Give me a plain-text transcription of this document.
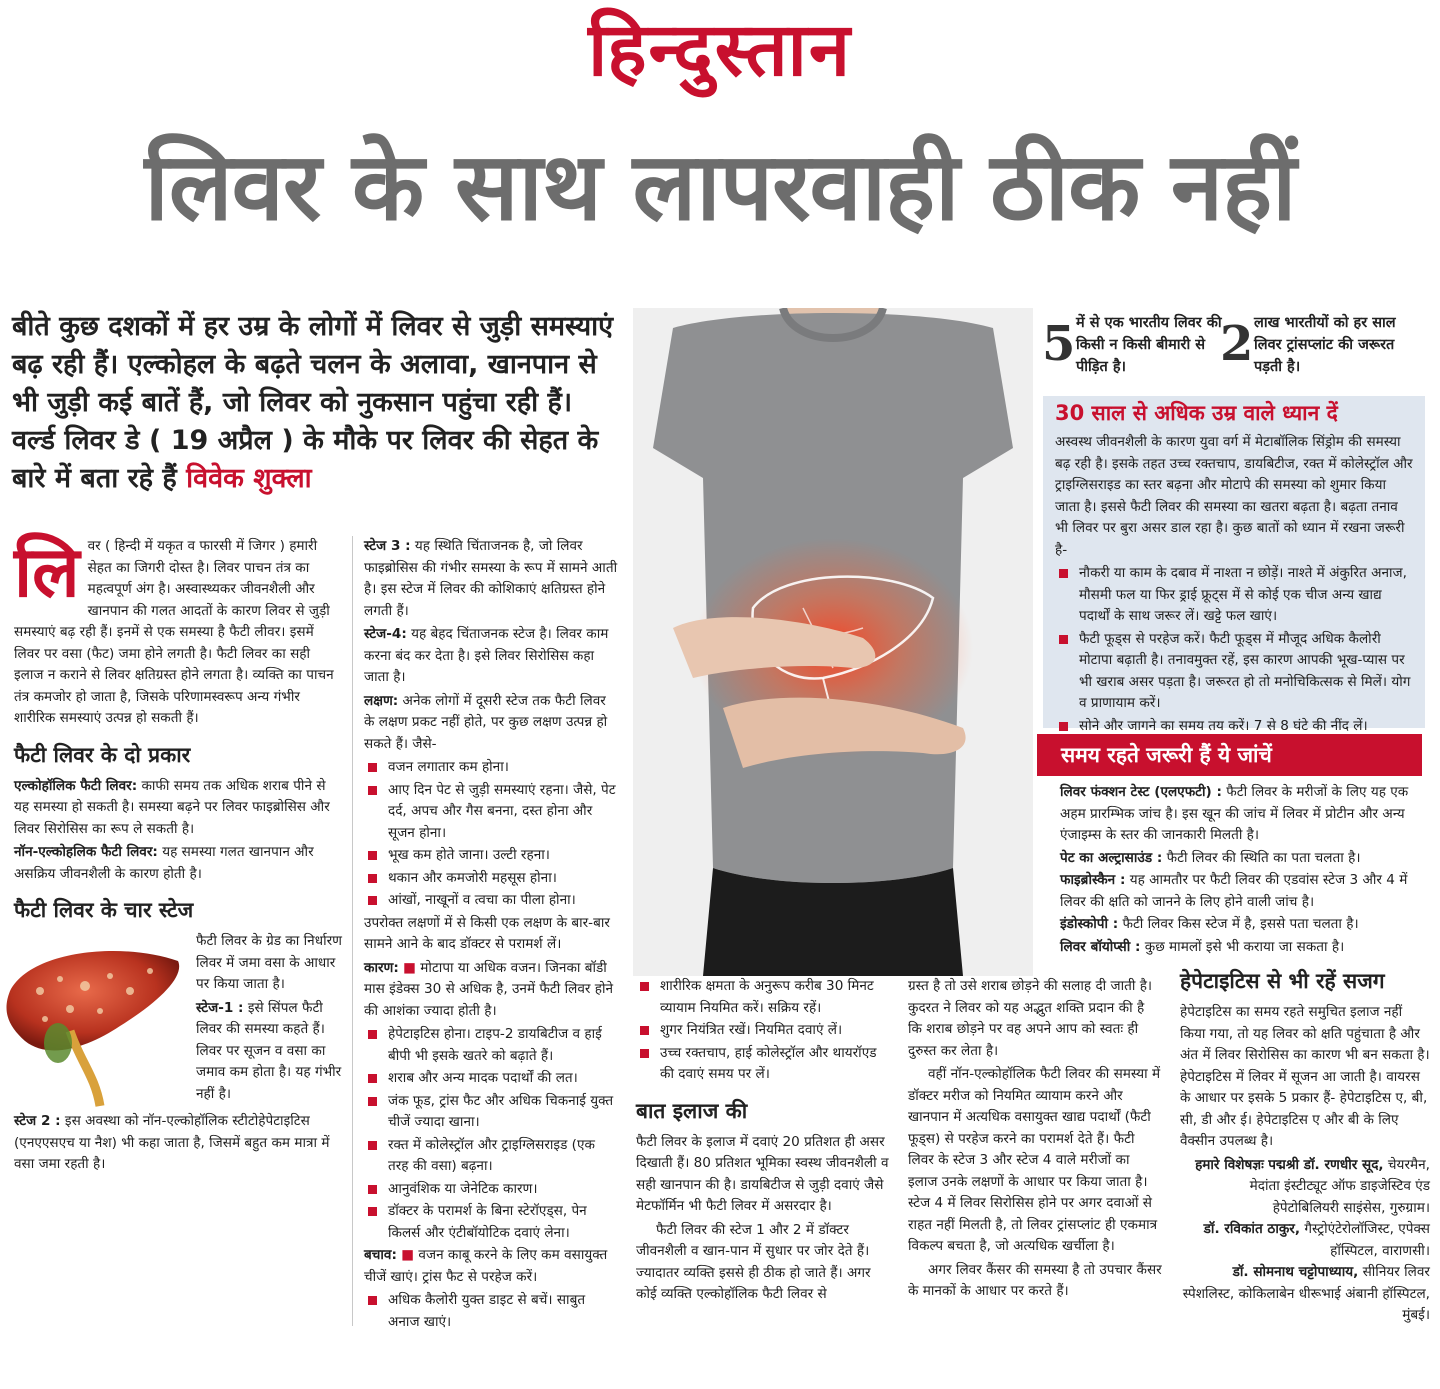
हिन्दुस्तान
लिवर के साथ लापरवाही ठीक नहीं
बीते कुछ दशकों में हर उम्र के लोगों में लिवर से जुड़ी समस्याएं बढ़ रही हैं। एल्कोहल के बढ़ते चलन के अलावा, खानपान से भी जुड़ी कई बातें हैं, जो लिवर को नुकसान पहुंचा रही हैं। वर्ल्ड लिवर डे ( 19 अप्रैल ) के मौके पर लिवर की सेहत के बारे में बता रहे हैं विवेक शुक्ला

लि वर ( हिन्दी में यकृत व फारसी में जिगर ) हमारी सेहत का जिगरी दोस्त है। लिवर पाचन तंत्र का महत्वपूर्ण अंग है। अस्वास्थ्यकर जीवनशैली और खानपान की गलत आदतों के कारण लिवर से जुड़ी समस्याएं बढ़ रही हैं। इनमें से एक समस्या है फैटी लीवर। इसमें लिवर पर वसा (फैट) जमा होने लगती है। फैटी लिवर का सही इलाज न कराने से लिवर क्षतिग्रस्त होने लगता है। व्यक्ति का पाचन तंत्र कमजोर हो जाता है, जिसके परिणामस्वरूप अन्य गंभीर शारीरिक समस्याएं उत्पन्न हो सकती हैं।

फैटी लिवर के दो प्रकार

एल्कोहॉलिक फैटी लिवर: काफी समय तक अधिक शराब पीने से यह समस्या हो सकती है। समस्या बढ़ने पर लिवर फाइब्रोसिस और लिवर सिरोसिस का रूप ले सकती है।

नॉन-एल्कोहलिक फैटी लिवर: यह समस्या गलत खानपान और असक्रिय जीवनशैली के कारण होती है।

फैटी लिवर के चार स्टेज

फैटी लिवर के ग्रेड का निर्धारण लिवर में जमा वसा के आधार पर किया जाता है।

स्टेज-1 : इसे सिंपल फैटी लिवर की समस्या कहते हैं। लिवर पर सूजन व वसा का जमाव कम होता है। यह गंभीर नहीं है।

स्टेज 2 : इस अवस्था को नॉन-एल्कोहॉलिक स्टीटोहेपेटाइटिस (एनएएसएच या नैश) भी कहा जाता है, जिसमें बहुत कम मात्रा में वसा जमा रहती है।

स्टेज 3 : यह स्थिति चिंताजनक है, जो लिवर फाइब्रोसिस की गंभीर समस्या के रूप में सामने आती है। इस स्टेज में लिवर की कोशिकाएं क्षतिग्रस्त होने लगती हैं।

स्टेज-4: यह बेहद चिंताजनक स्टेज है। लिवर काम करना बंद कर देता है। इसे लिवर सिरोसिस कहा जाता है।

लक्षण: अनेक लोगों में दूसरी स्टेज तक फैटी लिवर के लक्षण प्रकट नहीं होते, पर कुछ लक्षण उत्पन्न हो सकते हैं। जैसे-

वजन लगातार कम होना।
आए दिन पेट से जुड़ी समस्याएं रहना। जैसे, पेट दर्द, अपच और गैस बनना, दस्त होना और सूजन होना।
भूख कम होते जाना। उल्टी रहना।
थकान और कमजोरी महसूस होना।
आंखों, नाखूनों व त्वचा का पीला होना।

उपरोक्त लक्षणों में से किसी एक लक्षण के बार-बार सामने आने के बाद डॉक्टर से परामर्श लें।

कारण: ■ मोटापा या अधिक वजन। जिनका बॉडी मास इंडेक्स 30 से अधिक है, उनमें फैटी लिवर होने की आशंका ज्यादा होती है।

हेपेटाइटिस होना। टाइप-2 डायबिटीज व हाई बीपी भी इसके खतरे को बढ़ाते हैं।
शराब और अन्य मादक पदार्थों की लत।
जंक फूड, ट्रांस फैट और अधिक चिकनाई युक्त चीजें ज्यादा खाना।
रक्त में कोलेस्ट्रॉल और ट्राइग्लिसराइड (एक तरह की वसा) बढ़ना।
आनुवंशिक या जेनेटिक कारण।
डॉक्टर के परामर्श के बिना स्टेरॉएड्स, पेन किलर्स और एंटीबॉयोटिक दवाएं लेना।

बचाव: ■ वजन काबू करने के लिए कम वसायुक्त चीजें खाएं। ट्रांस फैट से परहेज करें।

अधिक कैलोरी युक्त डाइट से बचें। साबुत अनाज खाएं।
5 में से एक भारतीय लिवर की किसी न किसी बीमारी से पीड़ित है।	2 लाख भारतीयों को हर साल लिवर ट्रांसप्लांट की जरूरत पड़ती है।
30 साल से अधिक उम्र वाले ध्यान दें

अस्वस्थ जीवनशैली के कारण युवा वर्ग में मेटाबॉलिक सिंड्रोम की समस्या बढ़ रही है। इसके तहत उच्च रक्तचाप, डायबिटीज, रक्त में कोलेस्ट्रॉल और ट्राइग्लिसराइड का स्तर बढ़ना और मोटापे की समस्या को शुमार किया जाता है। इससे फैटी लिवर की समस्या का खतरा बढ़ता है। बढ़ता तनाव भी लिवर पर बुरा असर डाल रहा है। कुछ बातों को ध्यान में रखना जरूरी है-

नौकरी या काम के दबाव में नाश्ता न छोड़ें। नाश्ते में अंकुरित अनाज, मौसमी फल या फिर ड्राई फ्रूट्स में से कोई एक चीज अन्य खाद्य पदार्थों के साथ जरूर लें। खट्टे फल खाएं।
फैटी फूड्स से परहेज करें। फैटी फूड्स में मौजूद अधिक कैलोरी मोटापा बढ़ाती है। तनावमुक्त रहें, इस कारण आपकी भूख-प्यास पर भी खराब असर पड़ता है। जरूरत हो तो मनोचिकित्सक से मिलें। योग व प्राणायाम करें।
सोने और जागने का समय तय करें। 7 से 8 घंटे की नींद लें।
समय रहते जरूरी हैं ये जांचें

लिवर फंक्शन टेस्ट (एलएफटी) : फैटी लिवर के मरीजों के लिए यह एक अहम प्रारम्भिक जांच है। इस खून की जांच में लिवर में प्रोटीन और अन्य एंजाइम्स के स्तर की जानकारी मिलती है।

पेट का अल्ट्रासाउंड : फैटी लिवर की स्थिति का पता चलता है।

फाइब्रोस्कैन : यह आमतौर पर फैटी लिवर की एडवांस स्टेज 3 और 4 में लिवर की क्षति को जानने के लिए होने वाली जांच है।

इंडोस्कोपी : फैटी लिवर किस स्टेज में है, इससे पता चलता है।

लिवर बॉयोप्सी : कुछ मामलों इसे भी कराया जा सकता है।

शारीरिक क्षमता के अनुरूप करीब 30 मिनट व्यायाम नियमित करें। सक्रिय रहें।
शुगर नियंत्रित रखें। नियमित दवाएं लें।
उच्च रक्तचाप, हाई कोलेस्ट्रॉल और थायरॉएड की दवाएं समय पर लें।
बात इलाज की

फैटी लिवर के इलाज में दवाएं 20 प्रतिशत ही असर दिखाती हैं। 80 प्रतिशत भूमिका स्वस्थ जीवनशैली व सही खानपान की है। डायबिटीज से जुड़ी दवाएं जैसे मेटफॉर्मिन भी फैटी लिवर में असरदार है।

फैटी लिवर की स्टेज 1 और 2 में डॉक्टर जीवनशैली व खान-पान में सुधार पर जोर देते हैं। ज्यादातर व्यक्ति इससे ही ठीक हो जाते हैं। अगर कोई व्यक्ति एल्कोहॉलिक फैटी लिवर से

ग्रस्त है तो उसे शराब छोड़ने की सलाह दी जाती है। कुदरत ने लिवर को यह अद्भुत शक्ति प्रदान की है कि शराब छोड़ने पर वह अपने आप को स्वतः ही दुरुस्त कर लेता है।

वहीं नॉन-एल्कोहॉलिक फैटी लिवर की समस्या में डॉक्टर मरीज को नियमित व्यायाम करने और खानपान में अत्यधिक वसायुक्त खाद्य पदार्थों (फैटी फूड्स) से परहेज करने का परामर्श देते हैं। फैटी लिवर के स्टेज 3 और स्टेज 4 वाले मरीजों का इलाज उनके लक्षणों के आधार पर किया जाता है। स्टेज 4 में लिवर सिरोसिस होने पर अगर दवाओं से राहत नहीं मिलती है, तो लिवर ट्रांसप्लांट ही एकमात्र विकल्प बचता है, जो अत्यधिक खर्चीला है।

अगर लिवर कैंसर की समस्या है तो उपचार कैंसर के मानकों के आधार पर करते हैं।

हेपेटाइटिस से भी रहें सजग

हेपेटाइटिस का समय रहते समुचित इलाज नहीं किया गया, तो यह लिवर को क्षति पहुंचाता है और अंत में लिवर सिरोसिस का कारण भी बन सकता है। हेपेटाइटिस में लिवर में सूजन आ जाती है। वायरस के आधार पर इसके 5 प्रकार हैं- हेपेटाइटिस ए, बी, सी, डी और ई। हेपेटाइटिस ए और बी के लिए वैक्सीन उपलब्ध है।

हमारे विशेषज्ञः पद्मश्री डॉ. रणधीर सूद, चेयरमैन, मेदांता इंस्टीट्यूट ऑफ डाइजेस्टिव एंड हेपेटोबिलियरी साइंसेस, गुरुग्राम।

डॉ. रविकांत ठाकुर, गैस्ट्रोएंटेरोलॉजिस्ट, एपेक्स हॉस्पिटल, वाराणसी।

डॉ. सोमनाथ चट्टोपाध्याय, सीनियर लिवर स्पेशलिस्ट, कोकिलाबेन धीरूभाई अंबानी हॉस्पिटल, मुंबई।
